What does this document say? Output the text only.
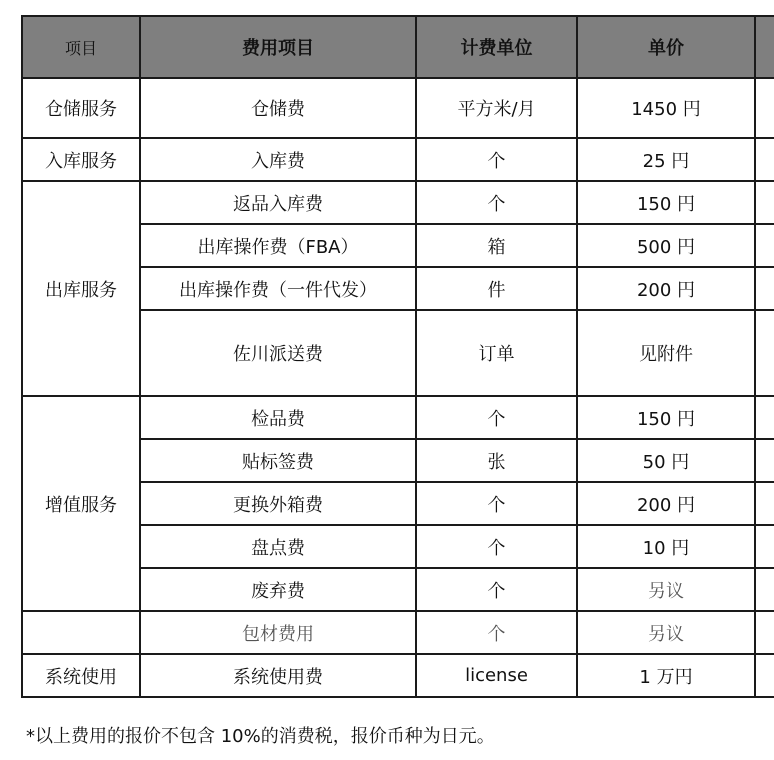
项目	费用项目	计费单位	单价	
仓储服务	仓储费	平方米/月	1450 円	
入库服务	入库费	个	25 円	
出库服务	返品入库费	个	150 円	
	出库操作费（FBA）	箱	500 円	
	出库操作费（一件代发）	件	200 円	
	佐川派送费	订单	见附件	
增值服务	检品费	个	150 円	
	贴标签费	张	50 円	
	更换外箱费	个	200 円	
	盘点费	个	10 円	
	废弃费	个	另议	
	包材费用	个	另议	
系统使用	系统使用费	license	1 万円	
*以上费用的报价不包含 10%的消费税，报价币种为日元。
